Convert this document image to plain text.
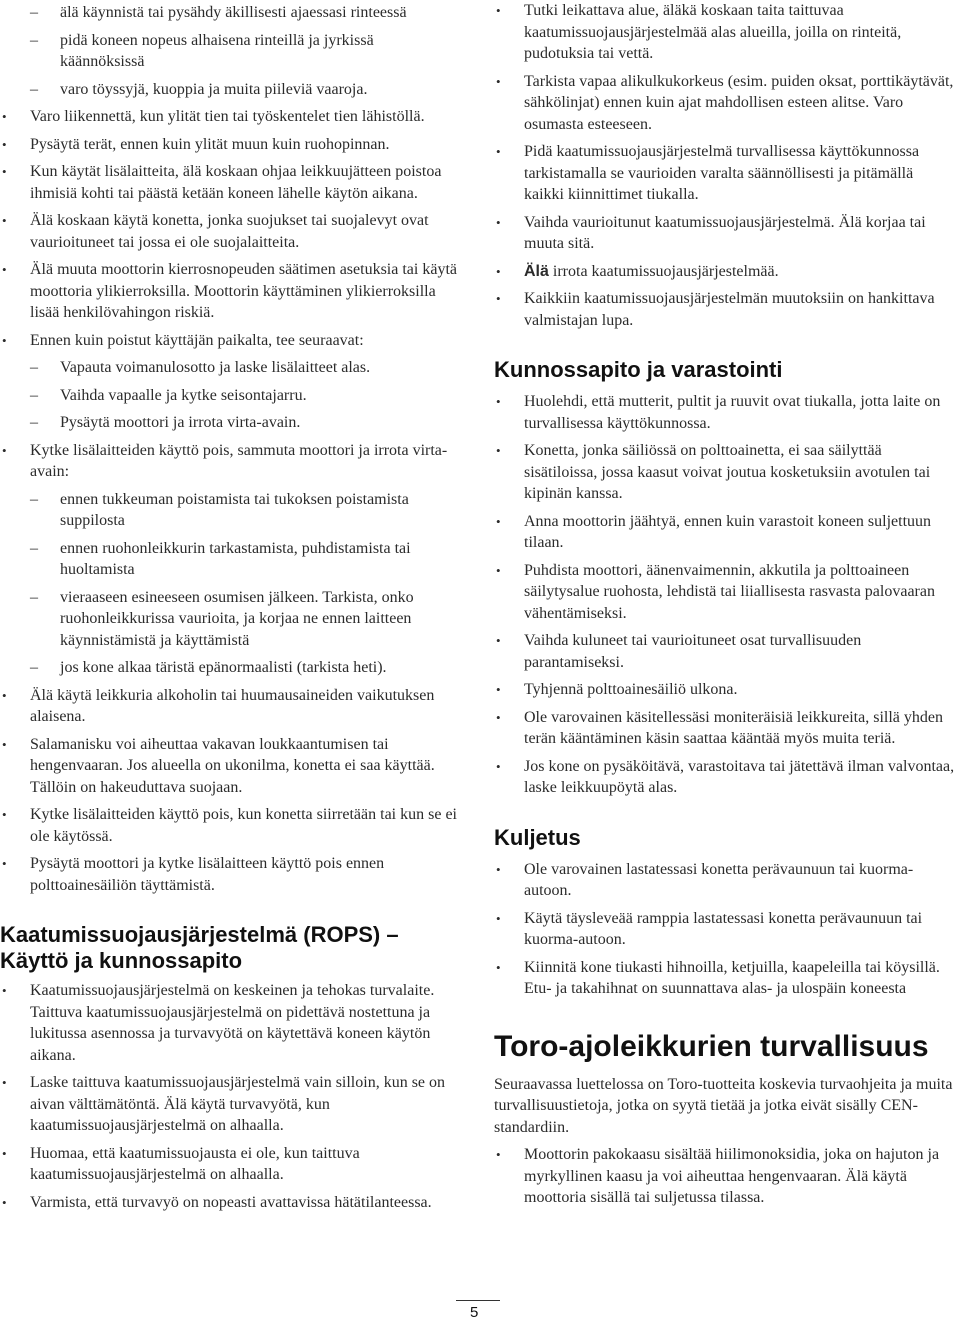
– älä käynnistä tai pysähdy äkillisesti ajaessasi rinteessä
– pidä koneen nopeus alhaisena rinteillä ja jyrkissä käännöksissä
– varo töyssyjä, kuoppia ja muita piileviä vaaroja.
• Varo liikennettä, kun ylität tien tai työskentelet tien lähistöllä.
• Pysäytä terät, ennen kuin ylität muun kuin ruohopinnan.
• Kun käytät lisälaitteita, älä koskaan ohjaa leikkuujätteen poistoa ihmisiä kohti tai päästä ketään koneen lähelle käytön aikana.
• Älä koskaan käytä konetta, jonka suojukset tai suojalevyt ovat vaurioituneet tai jossa ei ole suojalaitteita.
• Älä muuta moottorin kierrosnopeuden säätimen asetuksia tai käytä moottoria ylikierroksilla. Moottorin käyttäminen ylikierroksilla lisää henkilövahingon riskiä.
• Ennen kuin poistut käyttäjän paikalta, tee seuraavat:
– Vapauta voimanulosotto ja laske lisälaitteet alas.
– Vaihda vapaalle ja kytke seisontajarru.
– Pysäytä moottori ja irrota virta-avain.
• Kytke lisälaitteiden käyttö pois, sammuta moottori ja irrota virta-avain:
– ennen tukkeuman poistamista tai tukoksen poistamista suppilosta
– ennen ruohonleikkurin tarkastamista, puhdistamista tai huoltamista
– vieraaseen esineeseen osumisen jälkeen. Tarkista, onko ruohonleikkurissa vaurioita, ja korjaa ne ennen laitteen käynnistämistä ja käyttämistä
– jos kone alkaa täristä epänormaalisti (tarkista heti).
• Älä käytä leikkuria alkoholin tai huumausaineiden vaikutuksen alaisena.
• Salamanisku voi aiheuttaa vakavan loukkaantumisen tai hengenvaaran. Jos alueella on ukonilma, konetta ei saa käyttää. Tällöin on hakeuduttava suojaan.
• Kytke lisälaitteiden käyttö pois, kun konetta siirretään tai kun se ei ole käytössä.
• Pysäytä moottori ja kytke lisälaitteen käyttö pois ennen polttoainesäiliön täyttämistä.
Kaatumissuojausjärjestelmä (ROPS) – Käyttö ja kunnossapito
• Kaatumissuojausjärjestelmä on keskeinen ja tehokas turvalaite. Taittuva kaatumissuojausjärjestelmä on pidettävä nostettuna ja lukitussa asennossa ja turvavyötä on käytettävä koneen käytön aikana.
• Laske taittuva kaatumissuojausjärjestelmä vain silloin, kun se on aivan välttämätöntä. Älä käytä turvavyötä, kun kaatumissuojausjärjestelmä on alhaalla.
• Huomaa, että kaatumissuojausta ei ole, kun taittuva kaatumissuojausjärjestelmä on alhaalla.
• Varmista, että turvavyö on nopeasti avattavissa hätätilanteessa.
• Tutki leikattava alue, äläkä koskaan taita taittuvaa kaatumissuojausjärjestelmää alas alueilla, joilla on rinteitä, pudotuksia tai vettä.
• Tarkista vapaa alikulkukorkeus (esim. puiden oksat, porttikäytävät, sähkölinjat) ennen kuin ajat mahdollisen esteen alitse. Varo osumasta esteeseen.
• Pidä kaatumissuojausjärjestelmä turvallisessa käyttökunnossa tarkistamalla se vaurioiden varalta säännöllisesti ja pitämällä kaikki kiinnittimet tiukalla.
• Vaihda vaurioitunut kaatumissuojausjärjestelmä. Älä korjaa tai muuta sitä.
• Älä irrota kaatumissuojausjärjestelmää.
• Kaikkiin kaatumissuojausjärjestelmän muutoksiin on hankittava valmistajan lupa.
Kunnossapito ja varastointi
• Huolehdi, että mutterit, pultit ja ruuvit ovat tiukalla, jotta laite on turvallisessa käyttökunnossa.
• Konetta, jonka säiliössä on polttoainetta, ei saa säilyttää sisätiloissa, jossa kaasut voivat joutua kosketuksiin avotulen tai kipinän kanssa.
• Anna moottorin jäähtyä, ennen kuin varastoit koneen suljettuun tilaan.
• Puhdista moottori, äänenvaimennin, akkutila ja polttoaineen säilytysalue ruohosta, lehdistä tai liiallisesta rasvasta palovaaran vähentämiseksi.
• Vaihda kuluneet tai vaurioituneet osat turvallisuuden parantamiseksi.
• Tyhjennä polttoainesäiliö ulkona.
• Ole varovainen käsitellessäsi moniteräisiä leikkureita, sillä yhden terän kääntäminen käsin saattaa kääntää myös muita teriä.
• Jos kone on pysäköitävä, varastoitava tai jätettävä ilman valvontaa, laske leikkuupöytä alas.
Kuljetus
• Ole varovainen lastatessasi konetta perävaunuun tai kuorma-autoon.
• Käytä täysleveää ramppia lastatessasi konetta perävaunuun tai kuorma-autoon.
• Kiinnitä kone tiukasti hihnoilla, ketjuilla, kaapeleilla tai köysillä. Etu- ja takahihnat on suunnattava alas- ja ulospäin koneesta
Toro-ajoleikkurien turvallisuus

Seuraavassa luettelossa on Toro-tuotteita koskevia turvaohjeita ja muita turvallisuustietoja, jotka on syytä tietää ja jotka eivät sisälly CEN-standardiin.

• Moottorin pakokaasu sisältää hiilimonoksidia, joka on hajuton ja myrkyllinen kaasu ja voi aiheuttaa hengenvaaran. Älä käytä moottoria sisällä tai suljetussa tilassa.
5
